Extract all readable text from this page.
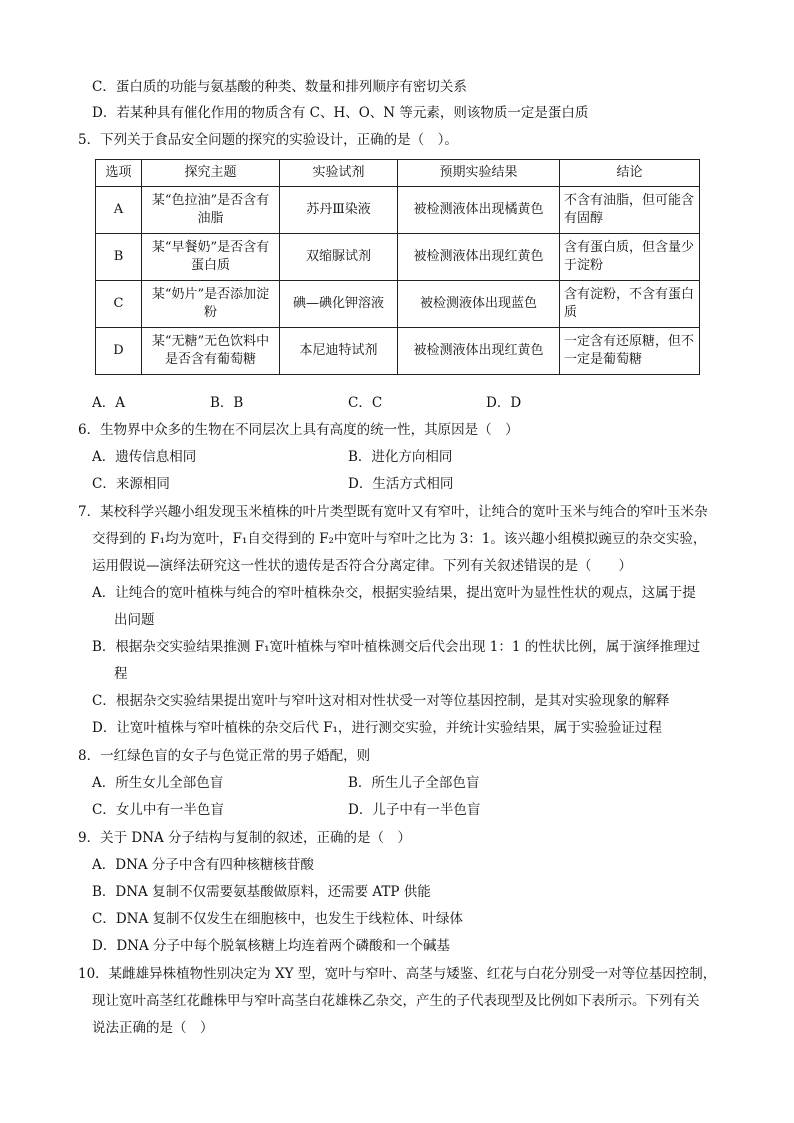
C．蛋白质的功能与氨基酸的种类、数量和排列顺序有密切关系
D．若某种具有催化作用的物质含有 C、H、O、N 等元素，则该物质一定是蛋白质
5．下列关于食品安全问题的探究的实验设计，正确的是（　）。
选项	探究主题	实验试剂	预期实验结果	结论
A	某“色拉油”是否含有油脂	苏丹Ⅲ染液	被检测液体出现橘黄色	不含有油脂，但可能含有固醇
B	某“早餐奶”是否含有蛋白质	双缩脲试剂	被检测液体出现红黄色	含有蛋白质，但含量少于淀粉
C	某“奶片”是否添加淀粉	碘—碘化钾溶液	被检测液体出现蓝色	含有淀粉，不含有蛋白质
D	某“无糖”无色饮料中是否含有葡萄糖	本尼迪特试剂	被检测液体出现红黄色	一定含有还原糖，但不一定是葡萄糖
A．A	B．B	C．C	D．D
6．生物界中众多的生物在不同层次上具有高度的统一性，其原因是（　）
A．遗传信息相同	B．进化方向相同
C．来源相同	D．生活方式相同
7．某校科学兴趣小组发现玉米植株的叶片类型既有宽叶又有窄叶，让纯合的宽叶玉米与纯合的窄叶玉米杂
交得到的 F₁均为宽叶，F₁自交得到的 F₂中宽叶与窄叶之比为 3：1。该兴趣小组模拟豌豆的杂交实验，
运用假说—演绎法研究这一性状的遗传是否符合分离定律。下列有关叙述错误的是（　　）
A．让纯合的宽叶植株与纯合的窄叶植株杂交，根据实验结果，提出宽叶为显性性状的观点，这属于提
出问题
B．根据杂交实验结果推测 F₁宽叶植株与窄叶植株测交后代会出现 1：1 的性状比例，属于演绎推理过
程
C．根据杂交实验结果提出宽叶与窄叶这对相对性状受一对等位基因控制，是其对实验现象的解释
D．让宽叶植株与窄叶植株的杂交后代 F₁，进行测交实验，并统计实验结果，属于实验验证过程
8．一红绿色盲的女子与色觉正常的男子婚配，则
A．所生女儿全部色盲	B．所生儿子全部色盲
C．女儿中有一半色盲	D．儿子中有一半色盲
9．关于 DNA 分子结构与复制的叙述，正确的是（　）
A．DNA 分子中含有四种核糖核苷酸
B．DNA 复制不仅需要氨基酸做原料，还需要 ATP 供能
C．DNA 复制不仅发生在细胞核中，也发生于线粒体、叶绿体
D．DNA 分子中每个脱氧核糖上均连着两个磷酸和一个碱基
10．某雌雄异株植物性别决定为 XY 型，宽叶与窄叶、高茎与矮鉴、红花与白花分别受一对等位基因控制，
现让宽叶高茎红花雌株甲与窄叶高茎白花雄株乙杂交，产生的子代表现型及比例如下表所示。下列有关
说法正确的是（　）
